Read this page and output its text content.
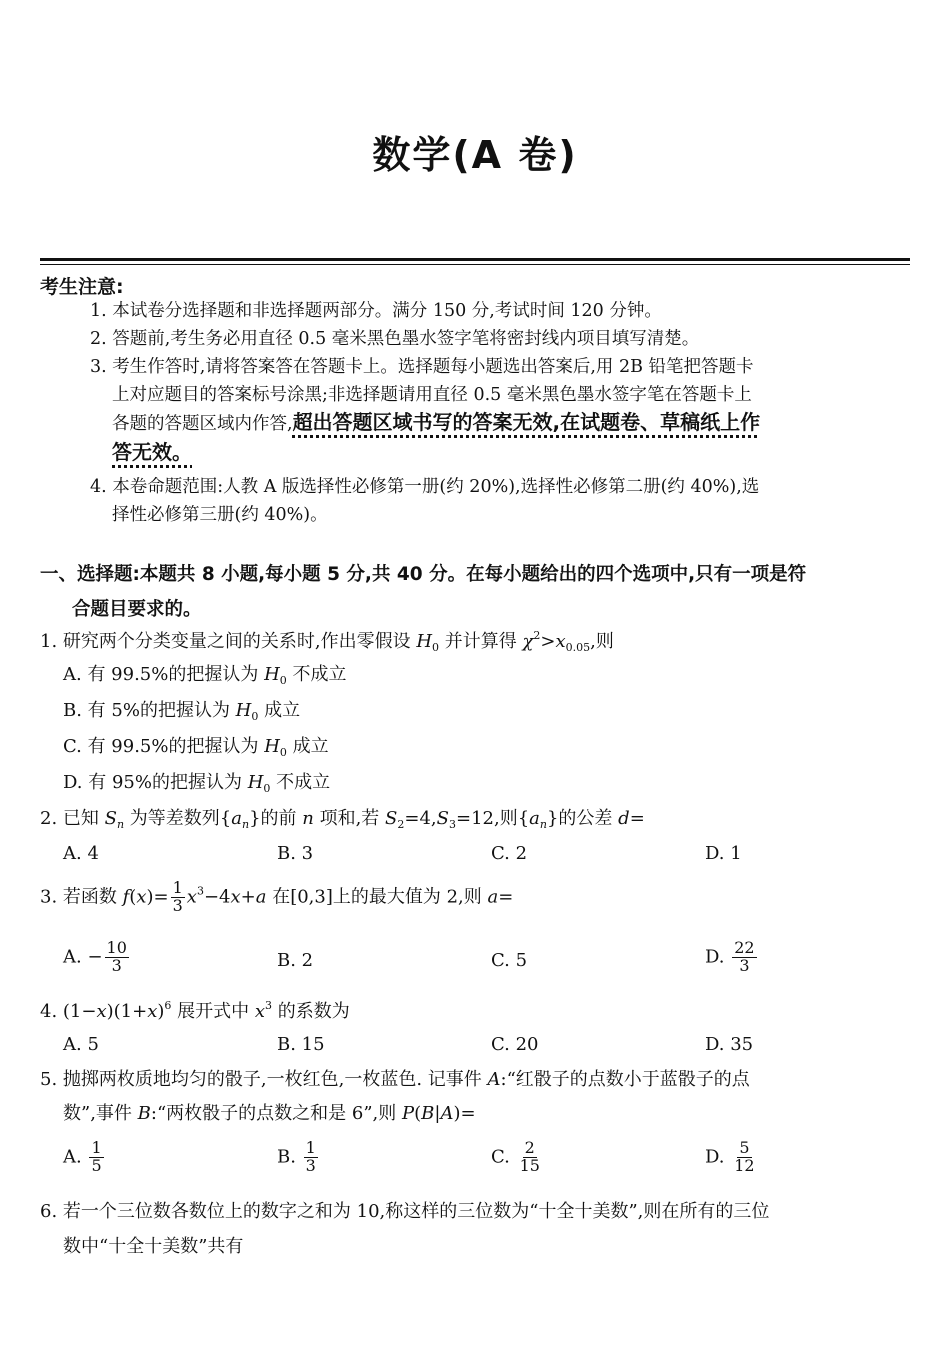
数学(A 卷)
考生注意:
1. 本试卷分选择题和非选择题两部分。满分 150 分,考试时间 120 分钟。
2. 答题前,考生务必用直径 0.5 毫米黑色墨水签字笔将密封线内项目填写清楚。
3. 考生作答时,请将答案答在答题卡上。选择题每小题选出答案后,用 2B 铅笔把答题卡
上对应题目的答案标号涂黑;非选择题请用直径 0.5 毫米黑色墨水签字笔在答题卡上
各题的答题区域内作答,超出答题区域书写的答案无效,在试题卷、草稿纸上作
答无效。
4. 本卷命题范围:人教 A 版选择性必修第一册(约 20%),选择性必修第二册(约 40%),选
择性必修第三册(约 40%)。
一、选择题:本题共 8 小题,每小题 5 分,共 40 分。在每小题给出的四个选项中,只有一项是符
合题目要求的。
1. 研究两个分类变量之间的关系时,作出零假设 $H_0$ 并计算得 $\chi^2>x_{0.05}$,则
A. 有 99.5%的把握认为 $H_0$ 不成立
B. 有 5%的把握认为 $H_0$ 成立
C. 有 99.5%的把握认为 $H_0$ 成立
D. 有 95%的把握认为 $H_0$ 不成立
2. 已知 $S_n$ 为等差数列$\{a_n\}$的前 n 项和,若 $S_2=4,S_3=12$,则$\{a_n\}$的公差 d=
A. 4	B. 3	C. 2	D. 1
3. 若函数 $f(x)= \frac{1}{3} x^3-4x+a$ 在[0,3]上的最大值为 2,则 a=
A. − $\frac{10}{3}$	B. 2	C. 5	D. $\frac{22}{3}$
4. $(1-x)(1+x)^6$ 展开式中 $x^3$ 的系数为
A. 5	B. 15	C. 20	D. 35
5. 抛掷两枚质地均匀的骰子,一枚红色,一枚蓝色. 记事件 A:“红骰子的点数小于蓝骰子的点
数”,事件 B:“两枚骰子的点数之和是 6”,则 P(B|A)=
A. $\frac{1}{5}$	B. $\frac{1}{3}$	C. $\frac{2}{15}$	D. $\frac{5}{12}$
6. 若一个三位数各数位上的数字之和为 10,称这样的三位数为“十全十美数”,则在所有的三位
数中“十全十美数”共有
